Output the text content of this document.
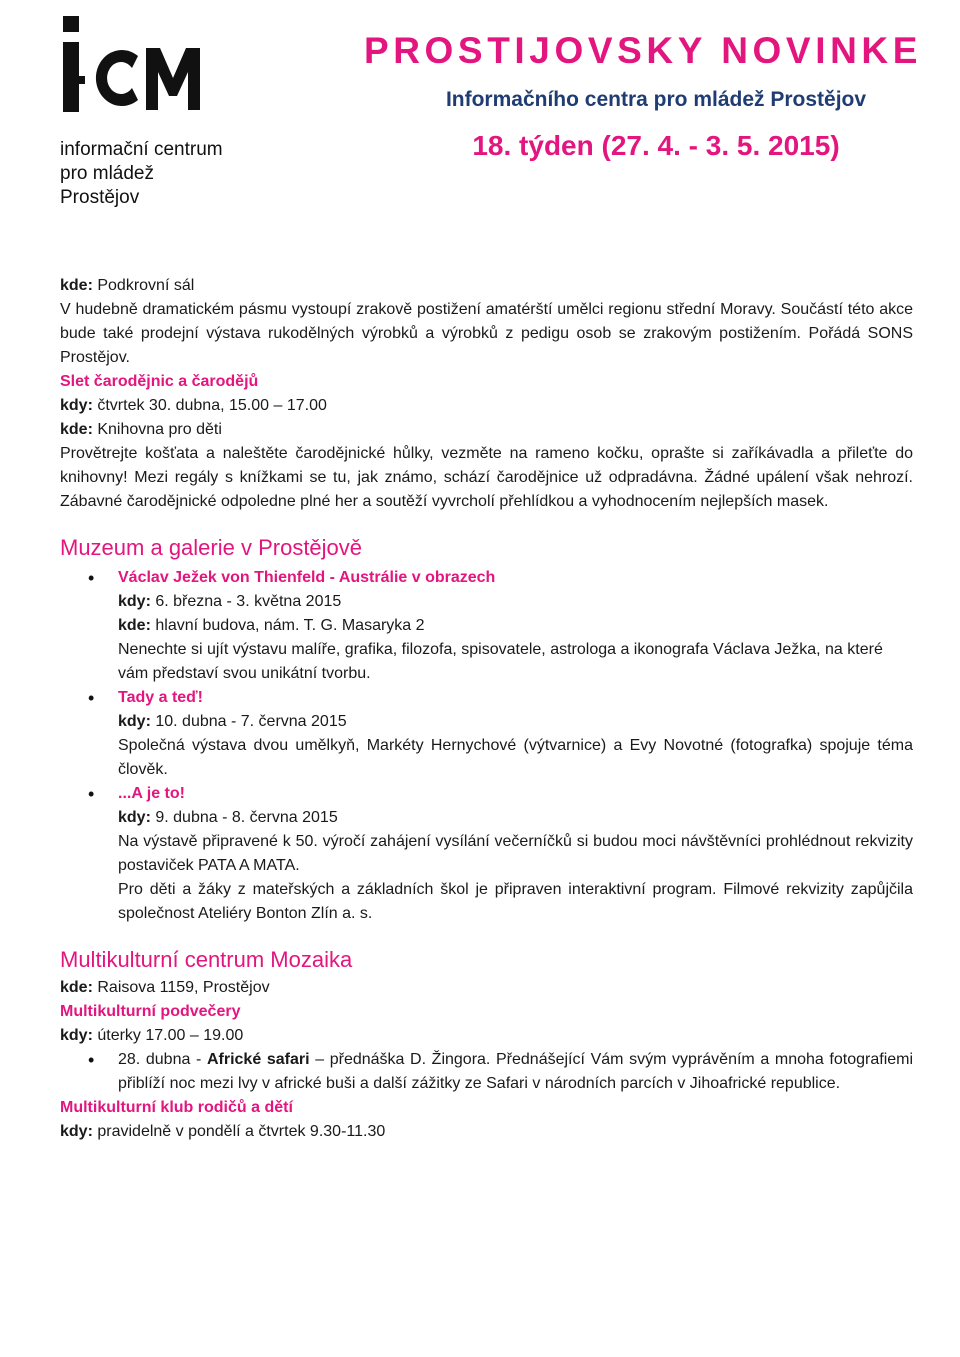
informační centrum
pro mládež
Prostějov
PROSTIJOVSKY NOVINKE
Informačního centra pro mládež Prostějov
18. týden (27. 4. - 3. 5. 2015)
kde: Podkrovní sál
V hudebně dramatickém pásmu vystoupí zrakově postižení amatérští umělci regionu střední Moravy. Součástí této akce bude také prodejní výstava rukodělných výrobků a výrobků z pedigu osob se zrakovým postižením. Pořádá SONS Prostějov.
Slet čarodějnic a čarodějů
kdy: čtvrtek 30. dubna, 15.00 – 17.00
kde: Knihovna pro děti
Provětrejte košťata a naleštěte čarodějnické hůlky, vezměte na rameno kočku, oprašte si zaříkávadla a přileťte do knihovny! Mezi regály s knížkami se tu, jak známo, schází čarodějnice už odpradávna. Žádné upálení však nehrozí. Zábavné čarodějnické odpoledne plné her a soutěží vyvrcholí přehlídkou a vyhodnocením nejlepších masek.
Muzeum a galerie v Prostějově
• Václav Ježek von Thienfeld - Austrálie v obrazech
kdy: 6. března - 3. května 2015
kde: hlavní budova, nám. T. G. Masaryka 2
Nenechte si ujít výstavu malíře, grafika, filozofa, spisovatele, astrologa a ikonografa Václava Ježka, na které vám představí svou unikátní tvorbu.
• Tady a teď!
kdy: 10. dubna - 7. června 2015
Společná výstava dvou umělkyň, Markéty Hernychové (výtvarnice) a Evy Novotné (fotografka) spojuje téma člověk.
• ...A je to!
kdy: 9. dubna - 8. června 2015
Na výstavě připravené k 50. výročí zahájení vysílání večerníčků si budou moci návštěvníci prohlédnout rekvizity postaviček PATA A MATA.
Pro děti a žáky z mateřských a základních škol je připraven interaktivní program. Filmové rekvizity zapůjčila společnost Ateliéry Bonton Zlín a. s.
Multikulturní centrum Mozaika
kde: Raisova 1159, Prostějov
Multikulturní podvečery
kdy: úterky 17.00 – 19.00
• 28. dubna - Africké safari – přednáška D. Žingora. Přednášející Vám svým vyprávěním a mnoha fotografiemi přiblíží noc mezi lvy v africké buši a další zážitky ze Safari v národních parcích v Jihoafrické republice.
Multikulturní klub rodičů a dětí
kdy: pravidelně v pondělí a čtvrtek 9.30-11.30
